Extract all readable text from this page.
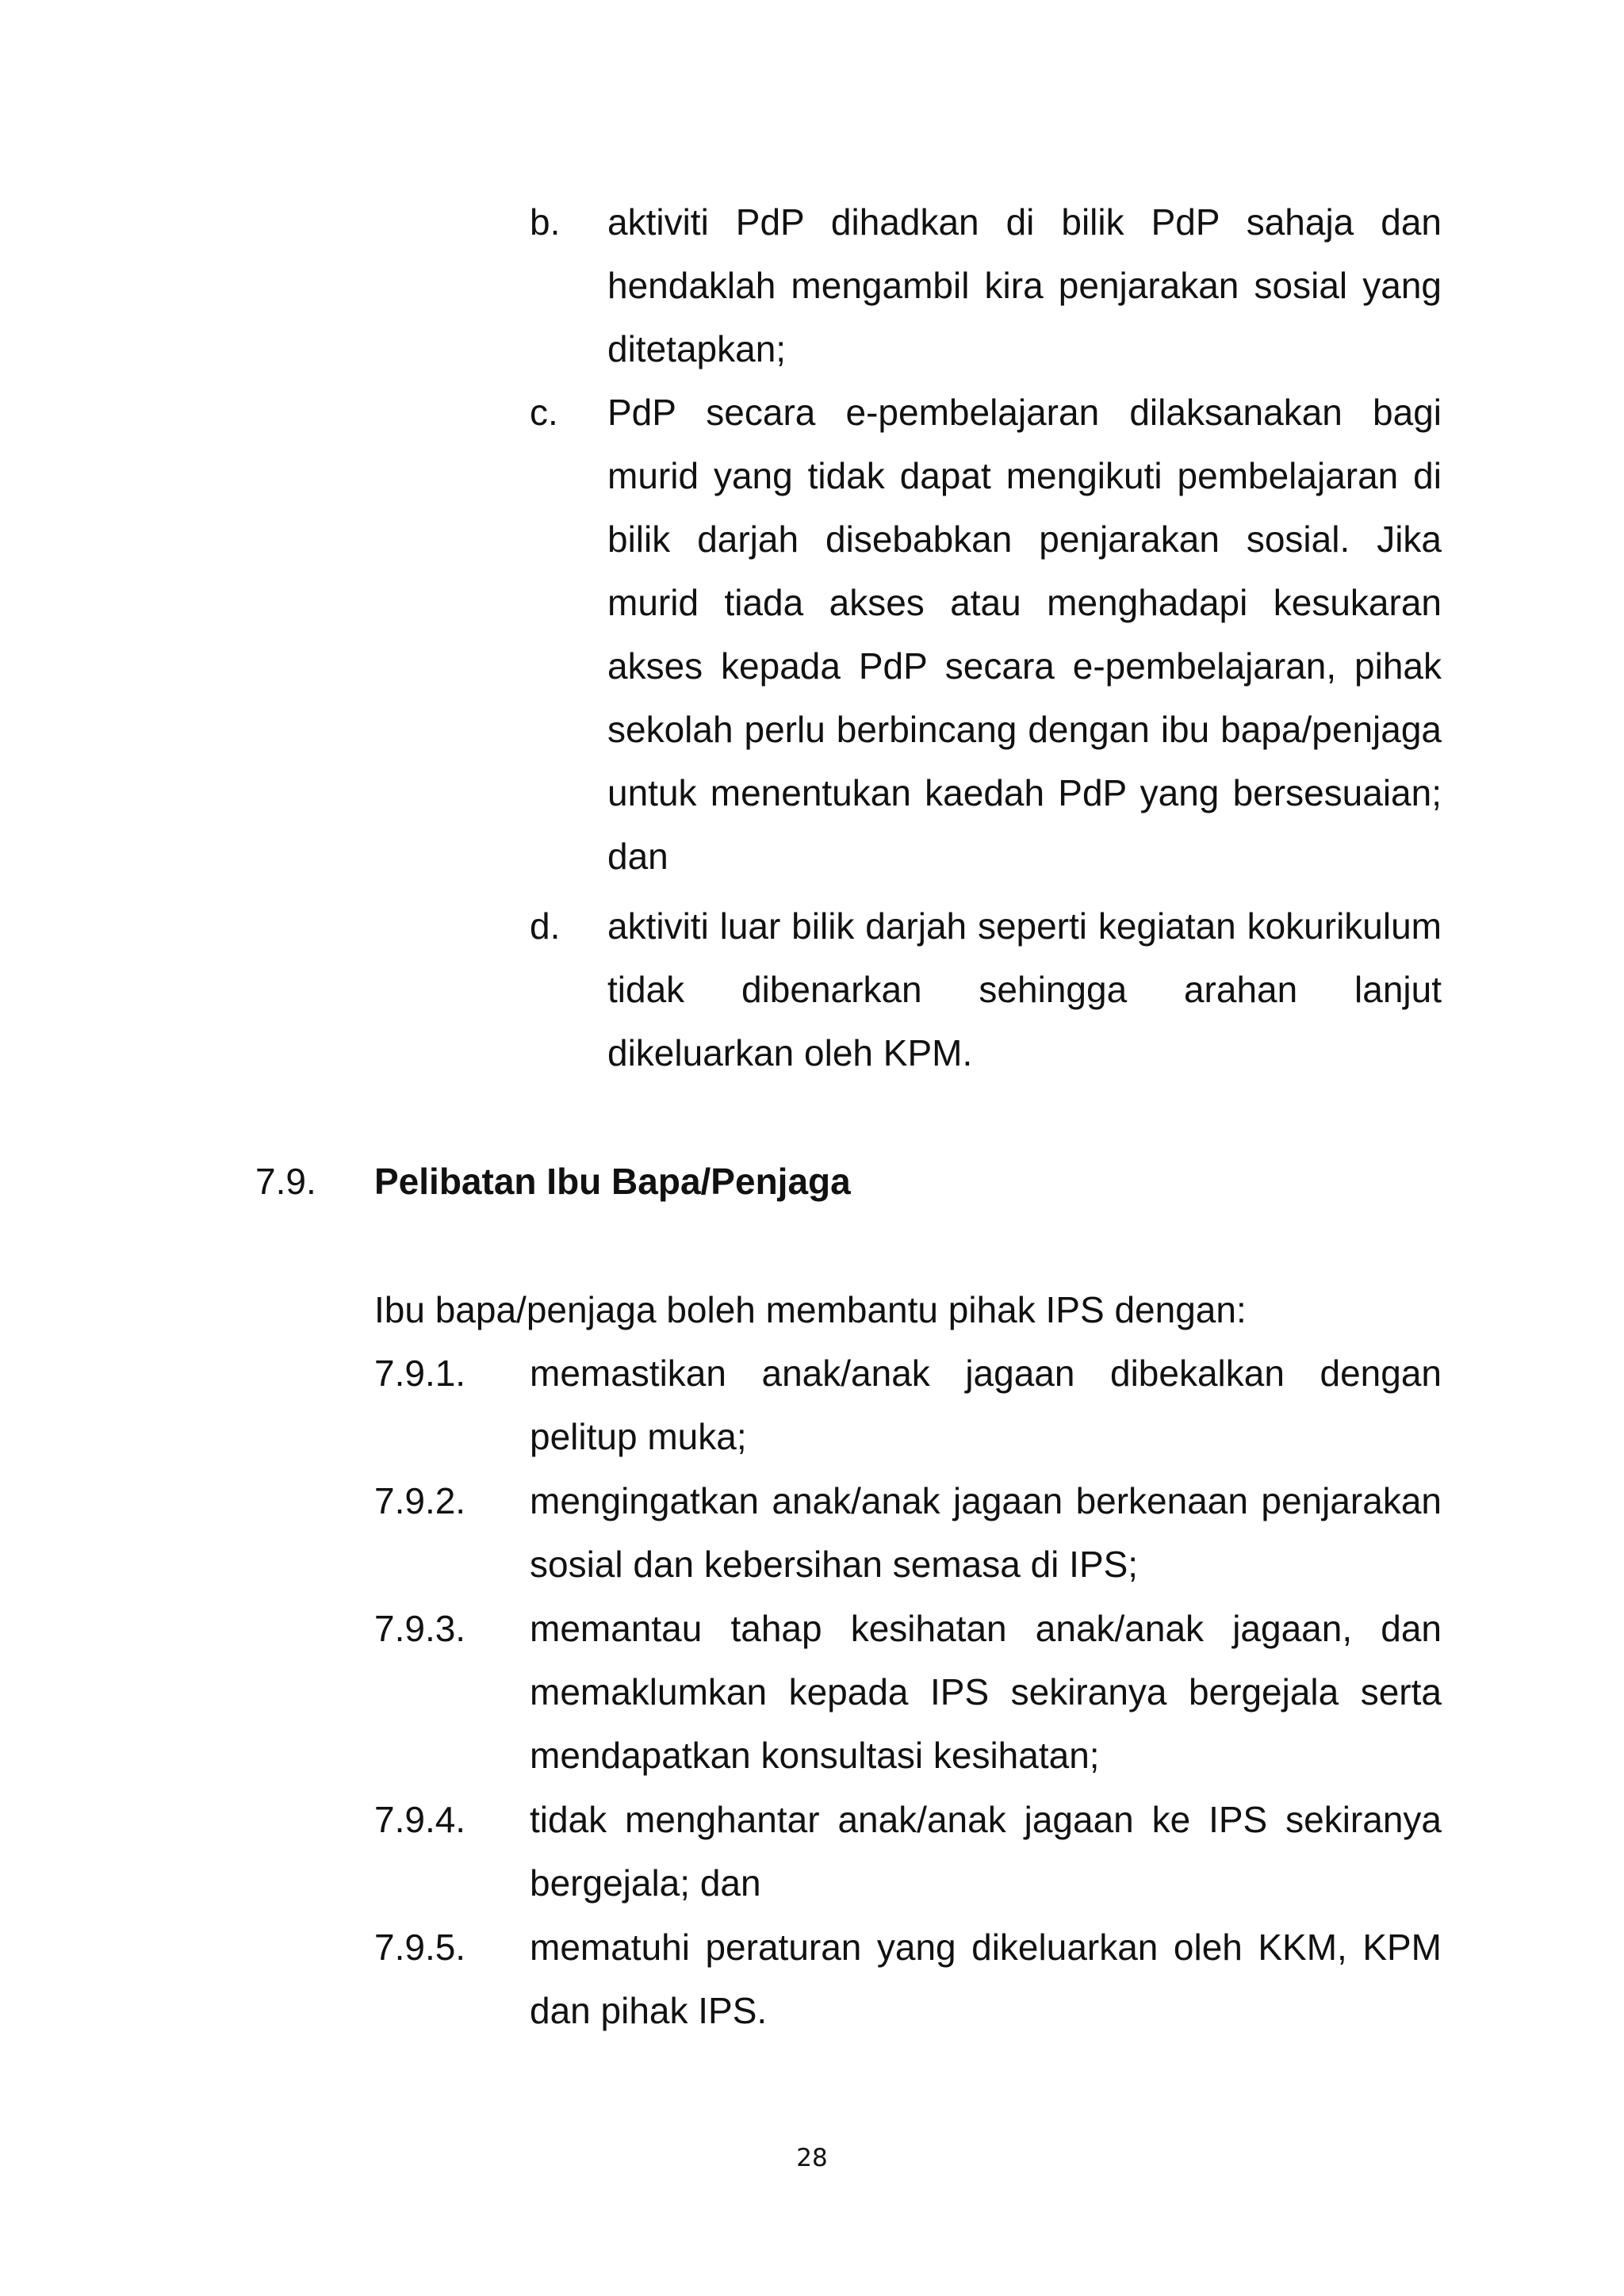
b. aktiviti PdP dihadkan di bilik PdP sahaja dan hendaklah mengambil kira penjarakan sosial yang ditetapkan;

c. PdP secara e-pembelajaran dilaksanakan bagi murid yang tidak dapat mengikuti pembelajaran di bilik darjah disebabkan penjarakan sosial. Jika murid tiada akses atau menghadapi kesukaran akses kepada PdP secara e-pembelajaran, pihak sekolah perlu berbincang dengan ibu bapa/penjaga untuk menentukan kaedah PdP yang bersesuaian; dan

d. aktiviti luar bilik darjah seperti kegiatan kokurikulum tidak dibenarkan sehingga arahan lanjut dikeluarkan oleh KPM.

7.9. Pelibatan Ibu Bapa/Penjaga

Ibu bapa/penjaga boleh membantu pihak IPS dengan:

7.9.1. memastikan anak/anak jagaan dibekalkan dengan pelitup muka;

7.9.2. mengingatkan anak/anak jagaan berkenaan penjarakan sosial dan kebersihan semasa di IPS;

7.9.3. memantau tahap kesihatan anak/anak jagaan, dan memaklumkan kepada IPS sekiranya bergejala serta mendapatkan konsultasi kesihatan;

7.9.4. tidak menghantar anak/anak jagaan ke IPS sekiranya bergejala; dan

7.9.5. mematuhi peraturan yang dikeluarkan oleh KKM, KPM dan pihak IPS.

28
